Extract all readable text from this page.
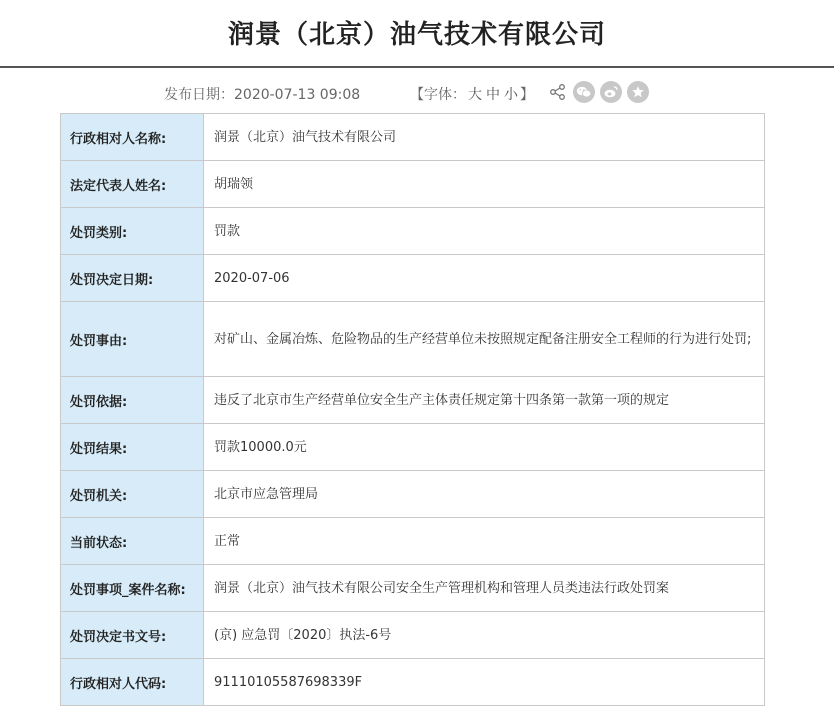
润景（北京）油气技术有限公司
发布日期：2020-07-13 09:08	【字体： 大 中 小 】
行政相对人名称:	润景（北京）油气技术有限公司
法定代表人姓名:	胡瑞领
处罚类别:	罚款
处罚决定日期:	2020-07-06
处罚事由:	对矿山、金属冶炼、危险物品的生产经营单位未按照规定配备注册安全工程师的行为进行处罚;
处罚依据:	违反了北京市生产经营单位安全生产主体责任规定第十四条第一款第一项的规定
处罚结果:	罚款10000.0元
处罚机关:	北京市应急管理局
当前状态:	正常
处罚事项_案件名称:	润景（北京）油气技术有限公司安全生产管理机构和管理人员类违法行政处罚案
处罚决定书文号:	(京) 应急罚〔2020〕执法-6号
行政相对人代码:	91110105587698339F
